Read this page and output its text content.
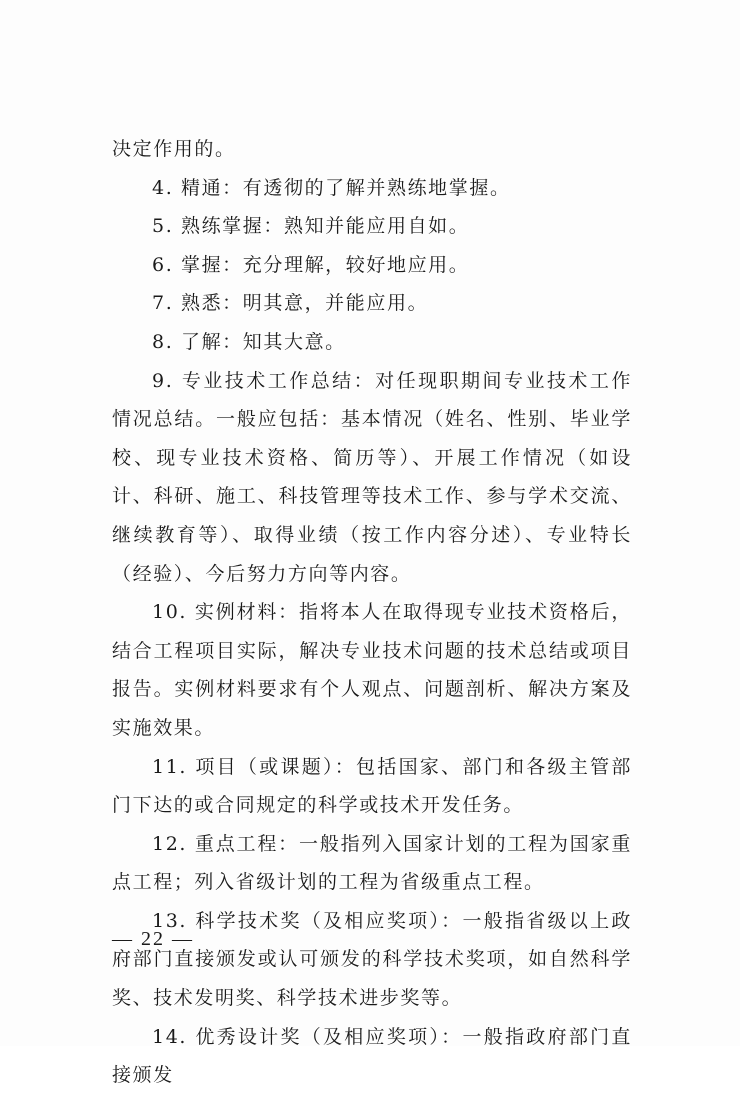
决定作用的。

4. 精通：有透彻的了解并熟练地掌握。

5. 熟练掌握：熟知并能应用自如。

6. 掌握：充分理解，较好地应用。

7. 熟悉：明其意，并能应用。

8. 了解：知其大意。

9. 专业技术工作总结：对任现职期间专业技术工作情况总结。一般应包括：基本情况（姓名、性别、毕业学校、现专业技术资格、简历等）、开展工作情况（如设计、科研、施工、科技管理等技术工作、参与学术交流、继续教育等）、取得业绩（按工作内容分述）、专业特长（经验）、今后努力方向等内容。

10. 实例材料：指将本人在取得现专业技术资格后，结合工程项目实际，解决专业技术问题的技术总结或项目报告。实例材料要求有个人观点、问题剖析、解决方案及实施效果。

11. 项目（或课题）：包括国家、部门和各级主管部门下达的或合同规定的科学或技术开发任务。

12. 重点工程：一般指列入国家计划的工程为国家重点工程；列入省级计划的工程为省级重点工程。

13. 科学技术奖（及相应奖项）：一般指省级以上政府部门直接颁发或认可颁发的科学技术奖项，如自然科学奖、技术发明奖、科学技术进步奖等。

14. 优秀设计奖（及相应奖项）：一般指政府部门直接颁发

— 22 —
